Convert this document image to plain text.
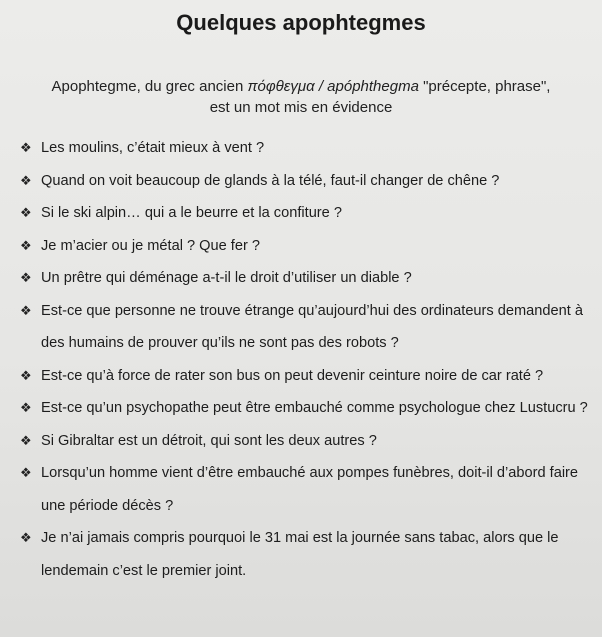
Quelques apophtegmes
Apophtegme, du grec ancien πόφθεγμα / apóphthegma "précepte, phrase", est un mot mis en évidence
❖ Les moulins, c’était mieux à vent ?
❖ Quand on voit beaucoup de glands à la télé, faut-il changer de chêne ?
❖ Si le ski alpin… qui a le beurre et la confiture ?
❖ Je m’acier ou je métal ? Que fer ?
❖ Un prêtre qui déménage a-t-il le droit d’utiliser un diable ?
❖ Est-ce que personne ne trouve étrange qu’aujourd’hui des ordinateurs demandent à des humains de prouver qu’ils ne sont pas des robots ?
❖ Est-ce qu’à force de rater son bus on peut devenir ceinture noire de car raté ?
❖ Est-ce qu’un psychopathe peut être embauché comme psychologue chez Lustucru ?
❖ Si Gibraltar est un détroit, qui sont les deux autres ?
❖ Lorsqu’un homme vient d’être embauché aux pompes funèbres, doit-il d’abord faire une période décès ?
❖ Je n’ai jamais compris pourquoi le 31 mai est la journée sans tabac, alors que le lendemain c’est le premier joint.
